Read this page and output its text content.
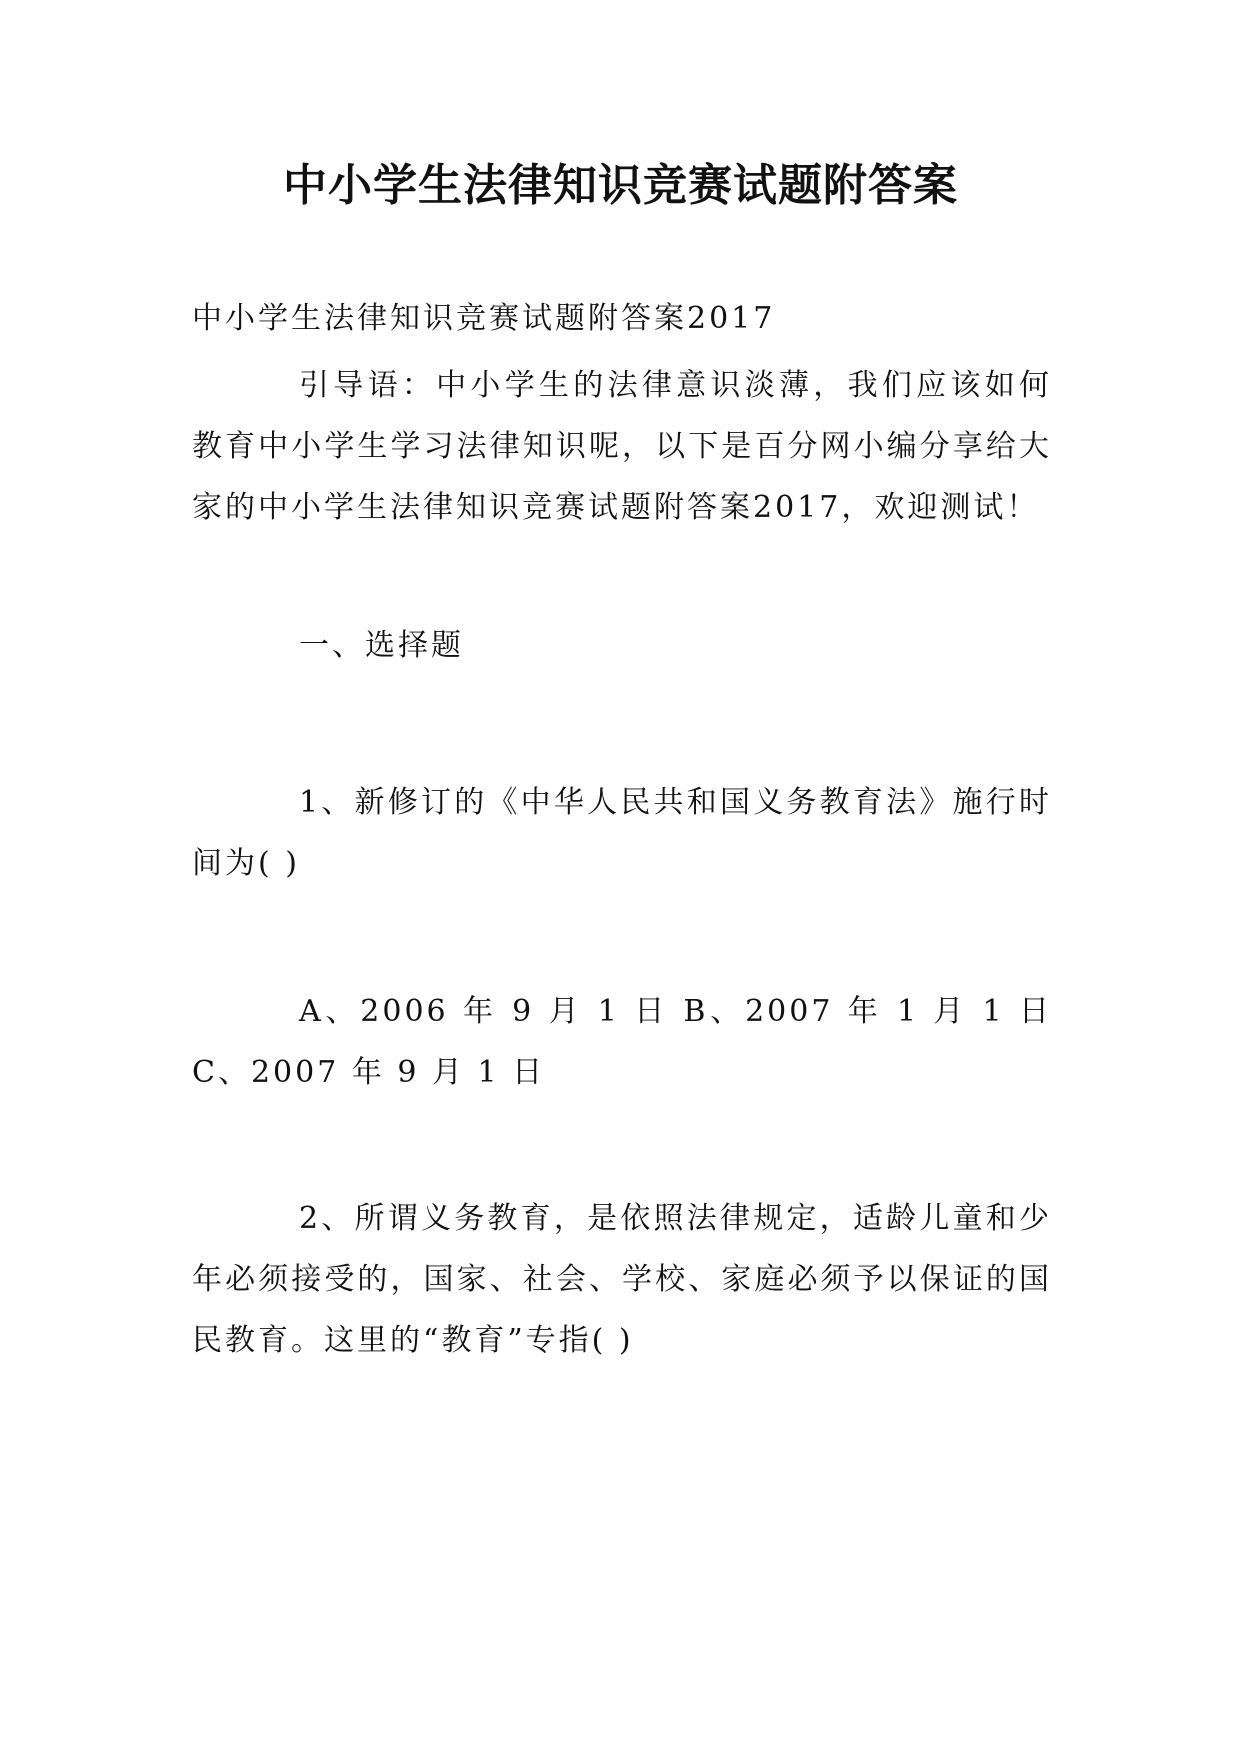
中小学生法律知识竞赛试题附答案

中小学生法律知识竞赛试题附答案2017

引导语：中小学生的法律意识淡薄，我们应该如何教育中小学生学习法律知识呢，以下是百分网小编分享给大家的中小学生法律知识竞赛试题附答案2017，欢迎测试！

一、选择题

1、新修订的《中华人民共和国义务教育法》施行时间为( )

A、2006 年 9 月 1 日 B、2007 年 1 月 1 日 C、2007 年 9 月 1 日

2、所谓义务教育，是依照法律规定，适龄儿童和少年必须接受的，国家、社会、学校、家庭必须予以保证的国民教育。这里的“教育”专指( )
